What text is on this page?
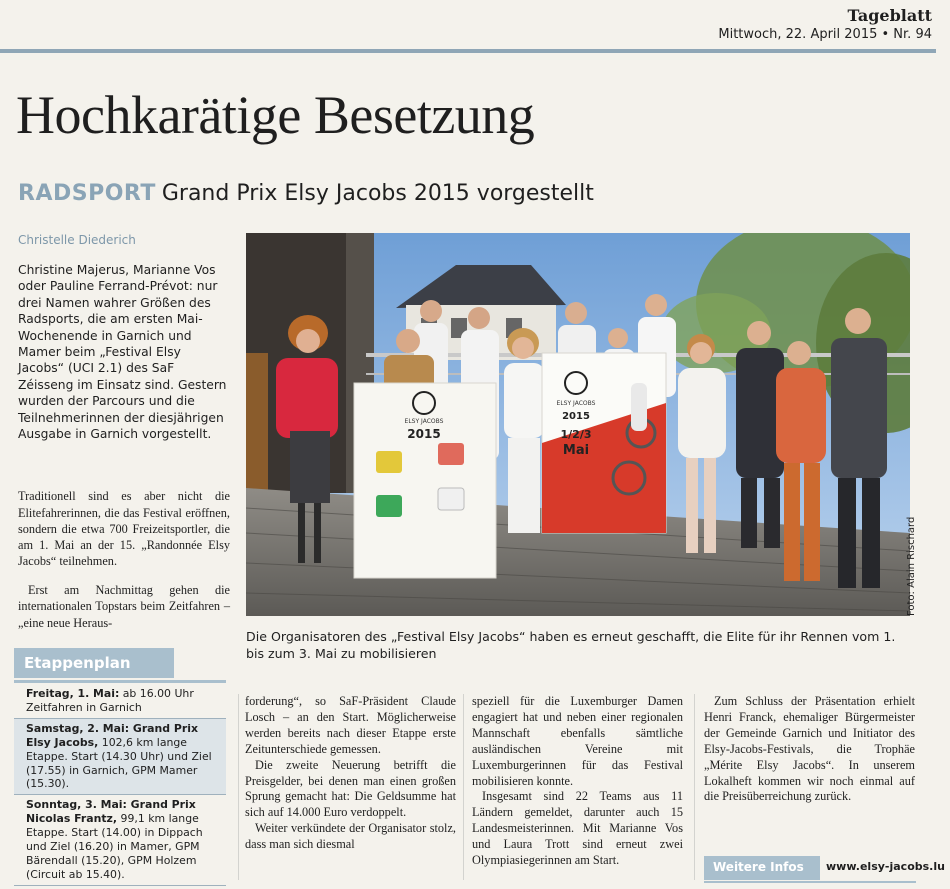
Tageblatt
Mittwoch, 22. April 2015 • Nr. 94
Hochkarätige Besetzung
RADSPORT Grand Prix Elsy Jacobs 2015 vorgestellt
Christelle Diederich

Christine Majerus, Marianne Vos oder Pauline Ferrand-Prévot: nur drei Namen wahrer Größen des Radsports, die am ersten Mai-Wochenende in Garnich und Mamer beim „Festival Elsy Jacobs“ (UCI 2.1) des SaF Zéisseng im Einsatz sind. Gestern wurden der Parcours und die Teilnehmerinnen der diesjährigen Ausgabe in Garnich vorgestellt.

Traditionell sind es aber nicht die Elitefahrerinnen, die das Festival eröffnen, sondern die etwa 700 Freizeitsportler, die am 1. Mai an der 15. „Randonnée Elsy Jacobs“ teilnehmen.

Erst am Nachmittag gehen die internationalen Topstars beim Zeitfahren – „eine neue Heraus-

ELSY JACOBS
2015
ELSY JACOBS
2015
1/2/3
Mai
Foto: Alain Rischard
Die Organisatoren des „Festival Elsy Jacobs“ haben es erneut geschafft, die Elite für ihr Rennen vom 1. bis zum 3. Mai zu mobilisieren
Etappenplan
Freitag, 1. Mai: ab 16.00 Uhr Zeitfahren in Garnich
Samstag, 2. Mai: Grand Prix Elsy Jacobs, 102,6 km lange Etappe. Start (14.30 Uhr) und Ziel (17.55) in Garnich, GPM Mamer (15.30).
Sonntag, 3. Mai: Grand Prix Nicolas Frantz, 99,1 km lange Etappe. Start (14.00) in Dippach und Ziel (16.20) in Mamer, GPM Bärendall (15.20), GPM Holzem (Circuit ab 15.40).

forderung“, so SaF-Präsident Claude Losch – an den Start. Möglicherweise werden bereits nach dieser Etappe erste Zeitunterschiede gemessen.

Die zweite Neuerung betrifft die Preisgelder, bei denen man einen großen Sprung gemacht hat: Die Geldsumme hat sich auf 14.000 Euro verdoppelt.

Weiter verkündete der Organisator stolz, dass man sich diesmal

speziell für die Luxemburger Damen engagiert hat und neben einer regionalen Mannschaft ebenfalls sämtliche ausländischen Vereine mit Luxemburgerinnen für das Festival mobilisieren konnte.

Insgesamt sind 22 Teams aus 11 Ländern gemeldet, darunter auch 15 Landesmeisterinnen. Mit Marianne Vos und Laura Trott sind erneut zwei Olympiasiegerinnen am Start.

Zum Schluss der Präsentation erhielt Henri Franck, ehemaliger Bürgermeister der Gemeinde Garnich und Initiator des Elsy-Jacobs-Festivals, die Trophäe „Mérite Elsy Jacobs“. In unserem Lokalheft kommen wir noch einmal auf die Preisüberreichung zurück.

Weitere Infos www.elsy-jacobs.lu
